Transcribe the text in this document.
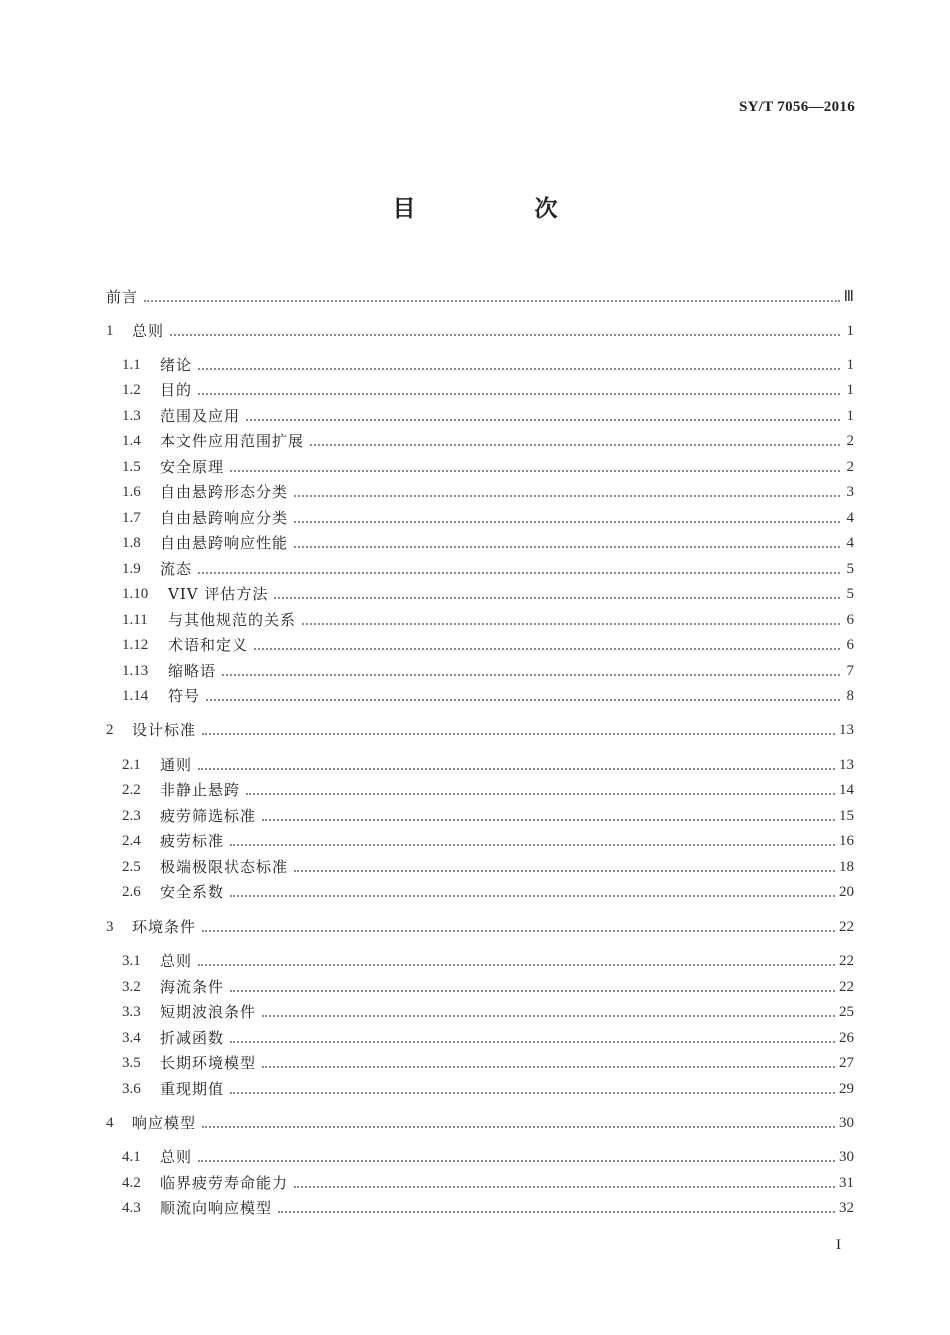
SY/T 7056—2016
目　次
前言	Ⅲ
1	总则	1
1.1	绪论	1
1.2	目的	1
1.3	范围及应用	1
1.4	本文件应用范围扩展	2
1.5	安全原理	2
1.6	自由悬跨形态分类	3
1.7	自由悬跨响应分类	4
1.8	自由悬跨响应性能	4
1.9	流态	5
1.10	VIV 评估方法	5
1.11	与其他规范的关系	6
1.12	术语和定义	6
1.13	缩略语	7
1.14	符号	8
2	设计标准	13
2.1	通则	13
2.2	非静止悬跨	14
2.3	疲劳筛选标准	15
2.4	疲劳标准	16
2.5	极端极限状态标准	18
2.6	安全系数	20
3	环境条件	22
3.1	总则	22
3.2	海流条件	22
3.3	短期波浪条件	25
3.4	折减函数	26
3.5	长期环境模型	27
3.6	重现期值	29
4	响应模型	30
4.1	总则	30
4.2	临界疲劳寿命能力	31
4.3	顺流向响应模型	32
I
